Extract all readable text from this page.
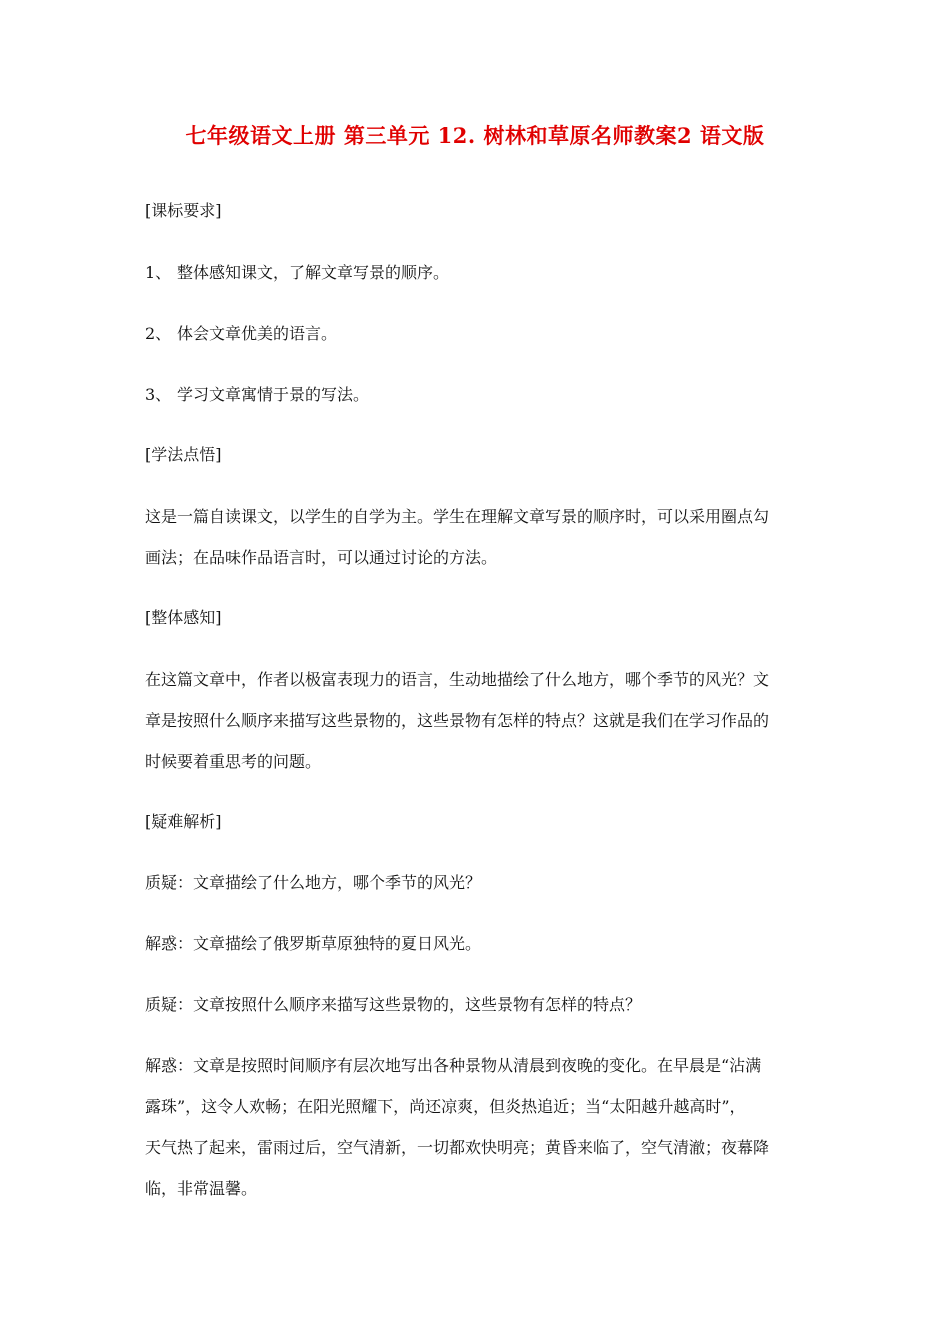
七年级语文上册 第三单元 12. 树林和草原名师教案2 语文版
[课标要求]
1、 整体感知课文，了解文章写景的顺序。
2、 体会文章优美的语言。
3、 学习文章寓情于景的写法。
[学法点悟]
这是一篇自读课文，以学生的自学为主。学生在理解文章写景的顺序时，可以采用圈点勾
画法；在品味作品语言时，可以通过讨论的方法。
[整体感知]
在这篇文章中，作者以极富表现力的语言，生动地描绘了什么地方，哪个季节的风光？文
章是按照什么顺序来描写这些景物的，这些景物有怎样的特点？这就是我们在学习作品的
时候要着重思考的问题。
[疑难解析]
质疑：文章描绘了什么地方，哪个季节的风光？
解惑：文章描绘了俄罗斯草原独特的夏日风光。
质疑：文章按照什么顺序来描写这些景物的，这些景物有怎样的特点？
解惑：文章是按照时间顺序有层次地写出各种景物从清晨到夜晚的变化。在早晨是“沾满
露珠”，这令人欢畅；在阳光照耀下，尚还凉爽，但炎热追近；当“太阳越升越高时”，
天气热了起来，雷雨过后，空气清新，一切都欢快明亮；黄昏来临了，空气清澈；夜幕降
临，非常温馨。
